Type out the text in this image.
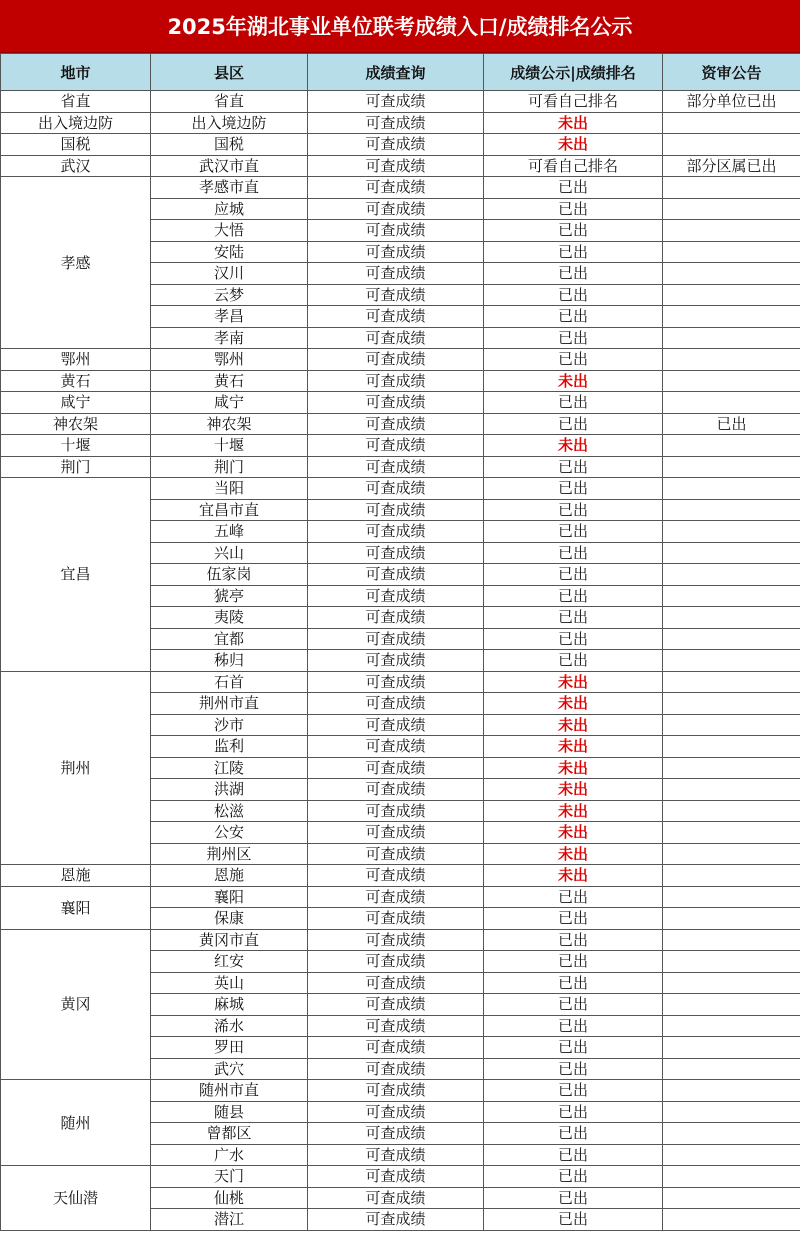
2025年湖北事业单位联考成绩入口/成绩排名公示
地市	县区	成绩查询	成绩公示|成绩排名	资审公告
省直	省直	可查成绩	可看自己排名	部分单位已出
出入境边防	出入境边防	可查成绩	未出	
国税	国税	可查成绩	未出	
武汉	武汉市直	可查成绩	可看自己排名	部分区属已出
孝感	孝感市直	可查成绩	已出	
	应城	可查成绩	已出	
	大悟	可查成绩	已出	
	安陆	可查成绩	已出	
	汉川	可查成绩	已出	
	云梦	可查成绩	已出	
	孝昌	可查成绩	已出	
	孝南	可查成绩	已出	
鄂州	鄂州	可查成绩	已出	
黄石	黄石	可查成绩	未出	
咸宁	咸宁	可查成绩	已出	
神农架	神农架	可查成绩	已出	已出
十堰	十堰	可查成绩	未出	
荆门	荆门	可查成绩	已出	
宜昌	当阳	可查成绩	已出	
	宜昌市直	可查成绩	已出	
	五峰	可查成绩	已出	
	兴山	可查成绩	已出	
	伍家岗	可查成绩	已出	
	猇亭	可查成绩	已出	
	夷陵	可查成绩	已出	
	宜都	可查成绩	已出	
	秭归	可查成绩	已出	
荆州	石首	可查成绩	未出	
	荆州市直	可查成绩	未出	
	沙市	可查成绩	未出	
	监利	可查成绩	未出	
	江陵	可查成绩	未出	
	洪湖	可查成绩	未出	
	松滋	可查成绩	未出	
	公安	可查成绩	未出	
	荆州区	可查成绩	未出	
恩施	恩施	可查成绩	未出	
襄阳	襄阳	可查成绩	已出	
	保康	可查成绩	已出	
黄冈	黄冈市直	可查成绩	已出	
	红安	可查成绩	已出	
	英山	可查成绩	已出	
	麻城	可查成绩	已出	
	浠水	可查成绩	已出	
	罗田	可查成绩	已出	
	武穴	可查成绩	已出	
随州	随州市直	可查成绩	已出	
	随县	可查成绩	已出	
	曾都区	可查成绩	已出	
	广水	可查成绩	已出	
天仙潜	天门	可查成绩	已出	
	仙桃	可查成绩	已出	
	潜江	可查成绩	已出	
